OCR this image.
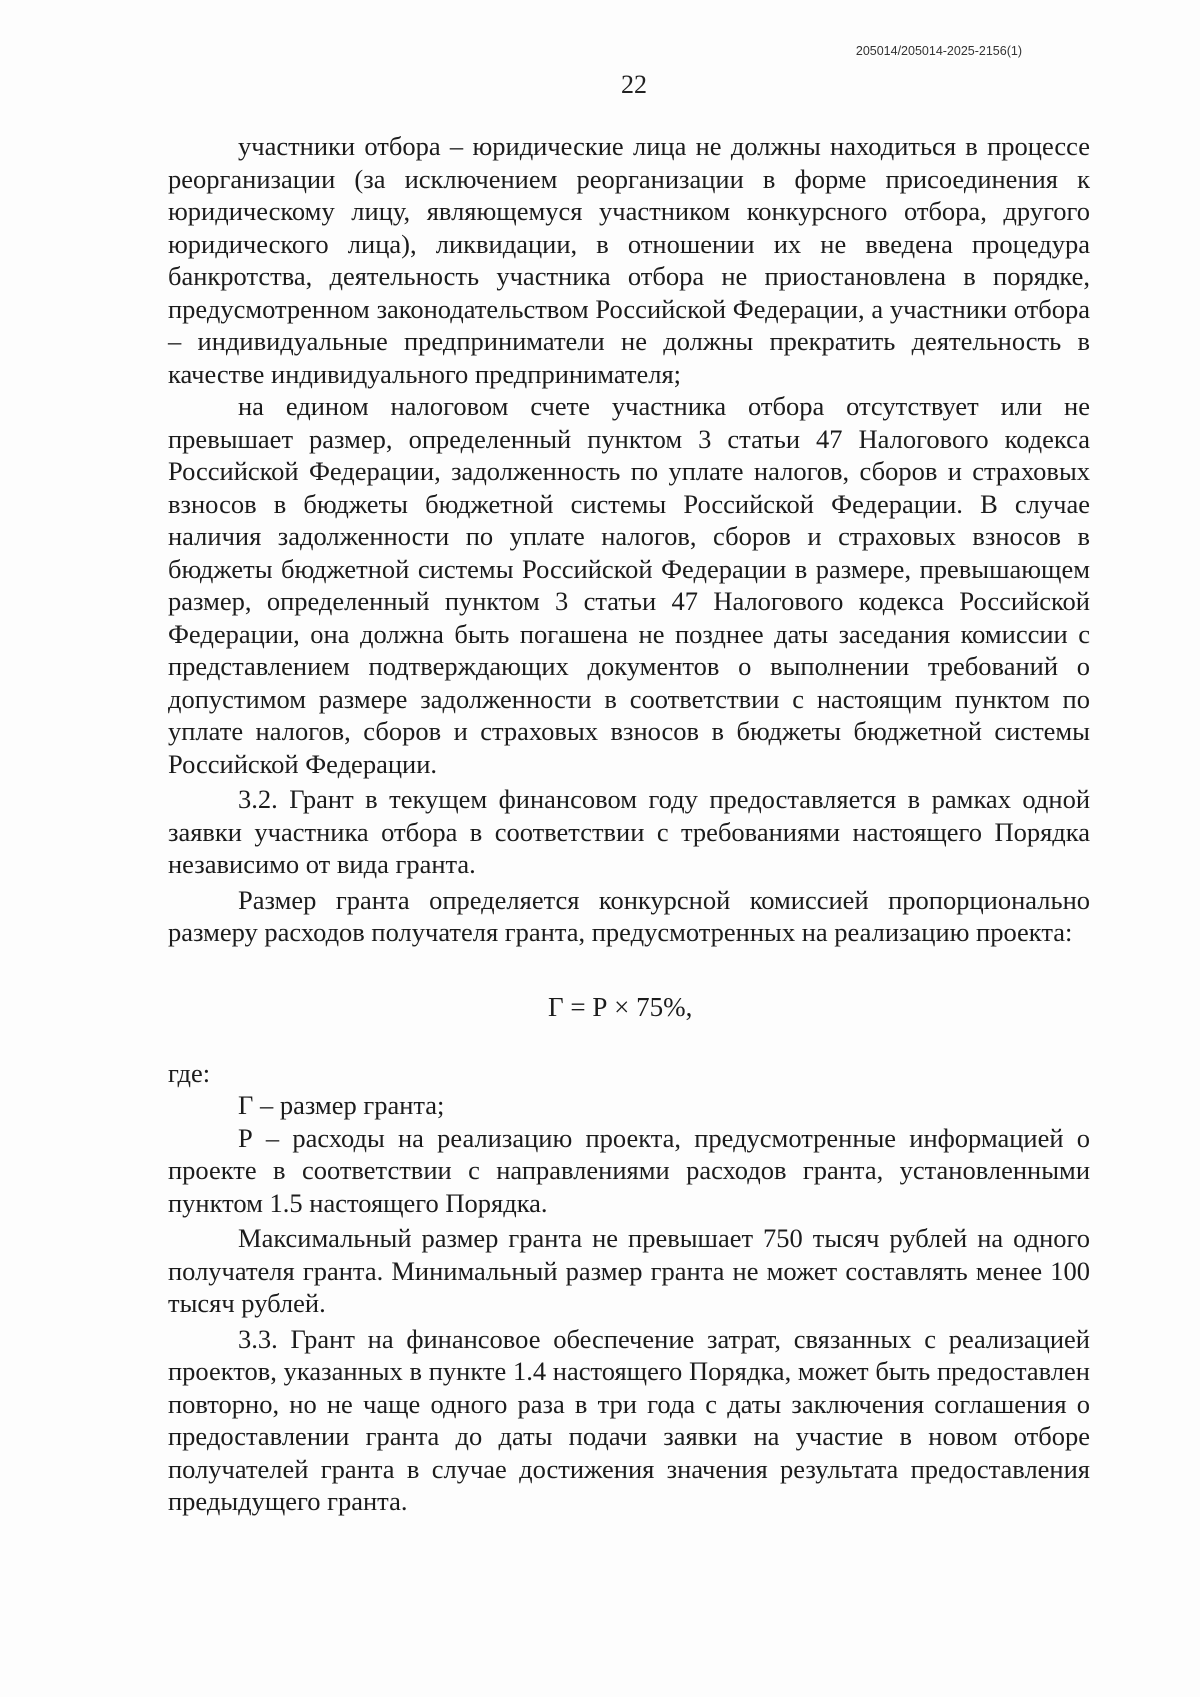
205014/205014-2025-2156(1)
22

участники отбора – юридические лица не должны находиться в процессе реорганизации (за исключением реорганизации в форме присоединения к юридическому лицу, являющемуся участником конкурсного отбора, другого юридического лица), ликвидации, в отношении их не введена процедура банкротства, деятельность участника отбора не приостановлена в порядке, предусмотренном законодательством Российской Федерации, а участники отбора – индивидуальные предприниматели не должны прекратить деятельность в качестве индивидуального предпринимателя;

на едином налоговом счете участника отбора отсутствует или не превышает размер, определенный пунктом 3 статьи 47 Налогового кодекса Российской Федерации, задолженность по уплате налогов, сборов и страховых взносов в бюджеты бюджетной системы Российской Федерации. В случае наличия задолженности по уплате налогов, сборов и страховых взносов в бюджеты бюджетной системы Российской Федерации в размере, превышающем размер, определенный пунктом 3 статьи 47 Налогового кодекса Российской Федерации, она должна быть погашена не позднее даты заседания комиссии с представлением подтверждающих документов о выполнении требований о допустимом размере задолженности в соответствии с настоящим пунктом по уплате налогов, сборов и страховых взносов в бюджеты бюджетной системы Российской Федерации.

3.2. Грант в текущем финансовом году предоставляется в рамках одной заявки участника отбора в соответствии с требованиями настоящего Порядка независимо от вида гранта.

Размер гранта определяется конкурсной комиссией пропорционально размеру расходов получателя гранта, предусмотренных на реализацию проекта:

Г = Р × 75%,

где:

Г – размер гранта;

Р – расходы на реализацию проекта, предусмотренные информацией о проекте в соответствии с направлениями расходов гранта, установленными пунктом 1.5 настоящего Порядка.

Максимальный размер гранта не превышает 750 тысяч рублей на одного получателя гранта. Минимальный размер гранта не может составлять менее 100 тысяч рублей.

3.3. Грант на финансовое обеспечение затрат, связанных с реализацией проектов, указанных в пункте 1.4 настоящего Порядка, может быть предоставлен повторно, но не чаще одного раза в три года с даты заключения соглашения о предоставлении гранта до даты подачи заявки на участие в новом отборе получателей гранта в случае достижения значения результата предоставления предыдущего гранта.
